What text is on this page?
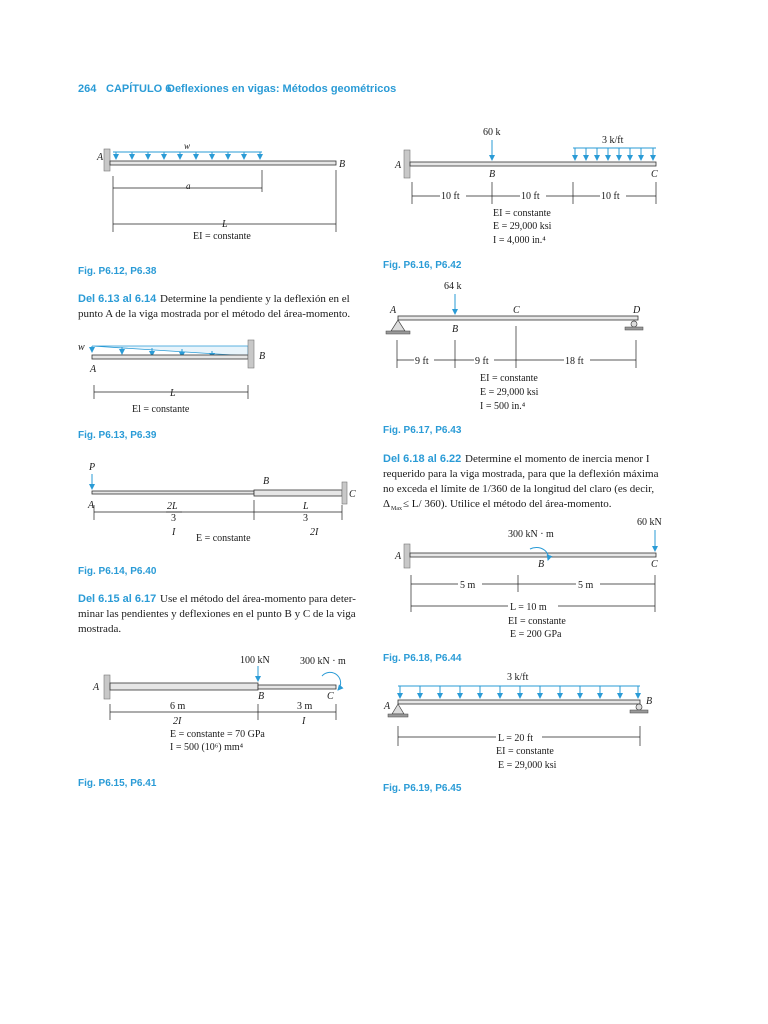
264 CAPÍTULO 6
Deflexiones en vigas: Métodos geométricos
w
A
B
a
L
EI = constante
Fig. P6.12, P6.38
Del 6.13 al 6.14 Determine la pendiente y la deflexión en el
punto A de la viga mostrada por el método del área-momento.
w
A
B
L
El = constante
Fig. P6.13, P6.39
P
A
B
C
2L
3
I
L
3
2I
E = constante
Fig. P6.14, P6.40
Del 6.15 al 6.17 Use el método del área-momento para deter-
minar las pendientes y deflexiones en el punto B y C de la viga
mostrada.
100 kN	300 kN · m
A
B	C
6 m
2I
3 m
I
E = constante = 70 GPa
I = 500 (10⁶) mm⁴
Fig. P6.15, P6.41
60 k
3 k/ft
A
B	C
10 ft	10 ft	10 ft
EI = constante
E = 29,000 ksi
I = 4,000 in.⁴
Fig. P6.16, P6.42
64 k
A
B
C	D
9 ft	9 ft	18 ft
EI = constante
E = 29,000 ksi
I = 500 in.⁴
Fig. P6.17, P6.43
Del 6.18 al 6.22 Determine el momento de inercia menor I
requerido para la viga mostrada, para que la deflexión máxima
no exceda el límite de 1/360 de la longitud del claro (es decir,
Δ Max ≤ L/ 360). Utilice el método del área-momento.
300 kN · m
60 kN
A
B	C
5 m	5 m
L = 10 m
EI = constante
E = 200 GPa
Fig. P6.18, P6.44
3 k/ft
A	B
L = 20 ft
EI = constante
E = 29,000 ksi
Fig. P6.19, P6.45
